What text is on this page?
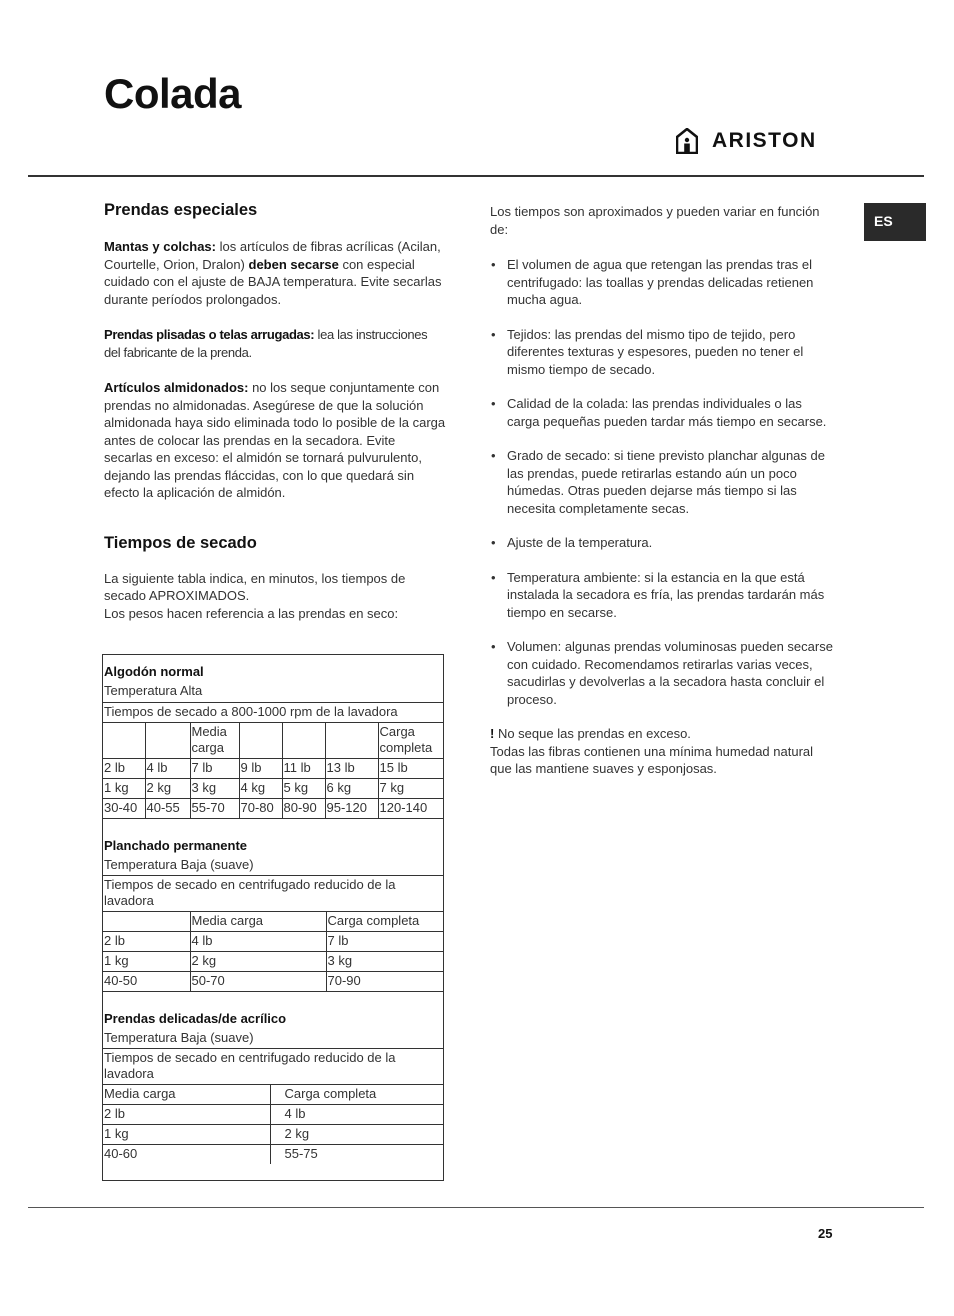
Colada
ARISTON
ES
Prendas especiales

Mantas y colchas: los artículos de fibras acrílicas (Acilan, Courtelle, Orion, Dralon) deben secarse con especial cuidado con el ajuste de BAJA temperatura. Evite secarlas durante períodos prolongados.

Prendas plisadas o telas arrugadas: lea las instrucciones del fabricante de la prenda.

Artículos almidonados: no los seque conjuntamente con prendas no almidonadas. Asegúrese de que la solución almidonada haya sido eliminada todo lo posible de la carga antes de colocar las prendas en la secadora. Evite secarlas en exceso: el almidón se tornará pulvurulento, dejando las prendas fláccidas, con lo que quedará sin efecto la aplicación de almidón.

Tiempos de secado

La siguiente tabla indica, en minutos, los tiempos de secado APROXIMADOS.

Los pesos hacen referencia a las prendas en seco:

Algodón normal						
Temperatura Alta						
Tiempos de secado a 800-1000 rpm de la lavadora						
		Media carga				Carga completa
2 lb	4 lb	7 lb	9 lb	11 lb	13 lb	15 lb
1 kg	2 kg	3 kg	4 kg	5 kg	6 kg	7 kg
30-40	40-55	55-70	70-80	80-90	95-120	120-140
Planchado permanente		
Temperatura Baja (suave)		
Tiempos de secado en centrifugado reducido de la lavadora		
	Media carga	Carga completa
2 lb	4 lb	7 lb
1 kg	2 kg	3 kg
40-50	50-70	70-90
Prendas delicadas/de acrílico	
Temperatura Baja (suave)	
Tiempos de secado en centrifugado reducido de la lavadora	
Media carga	Carga completa
2 lb	4 lb
1 kg	2 kg
40-60	55-75

Los tiempos son aproximados y pueden variar en función de:

• El volumen de agua que retengan las prendas tras el centrifugado: las toallas y prendas delicadas retienen mucha agua.
• Tejidos: las prendas del mismo tipo de tejido, pero diferentes texturas y espesores, pueden no tener el mismo tiempo de secado.
• Calidad de la colada: las prendas individuales o las carga pequeñas pueden tardar más tiempo en secarse.
• Grado de secado: si tiene previsto planchar algunas de las prendas, puede retirarlas estando aún un poco húmedas. Otras pueden dejarse más tiempo si las necesita completamente secas.
• Ajuste de la temperatura.
• Temperatura ambiente: si la estancia en la que está instalada la secadora es fría, las prendas tardarán más tiempo en secarse.
• Volumen: algunas prendas voluminosas pueden secarse con cuidado. Recomendamos retirarlas varias veces, sacudirlas y devolverlas a la secadora hasta concluir el proceso.

! No seque las prendas en exceso.

Todas las fibras contienen una mínima humedad natural que las mantiene suaves y esponjosas.

25
